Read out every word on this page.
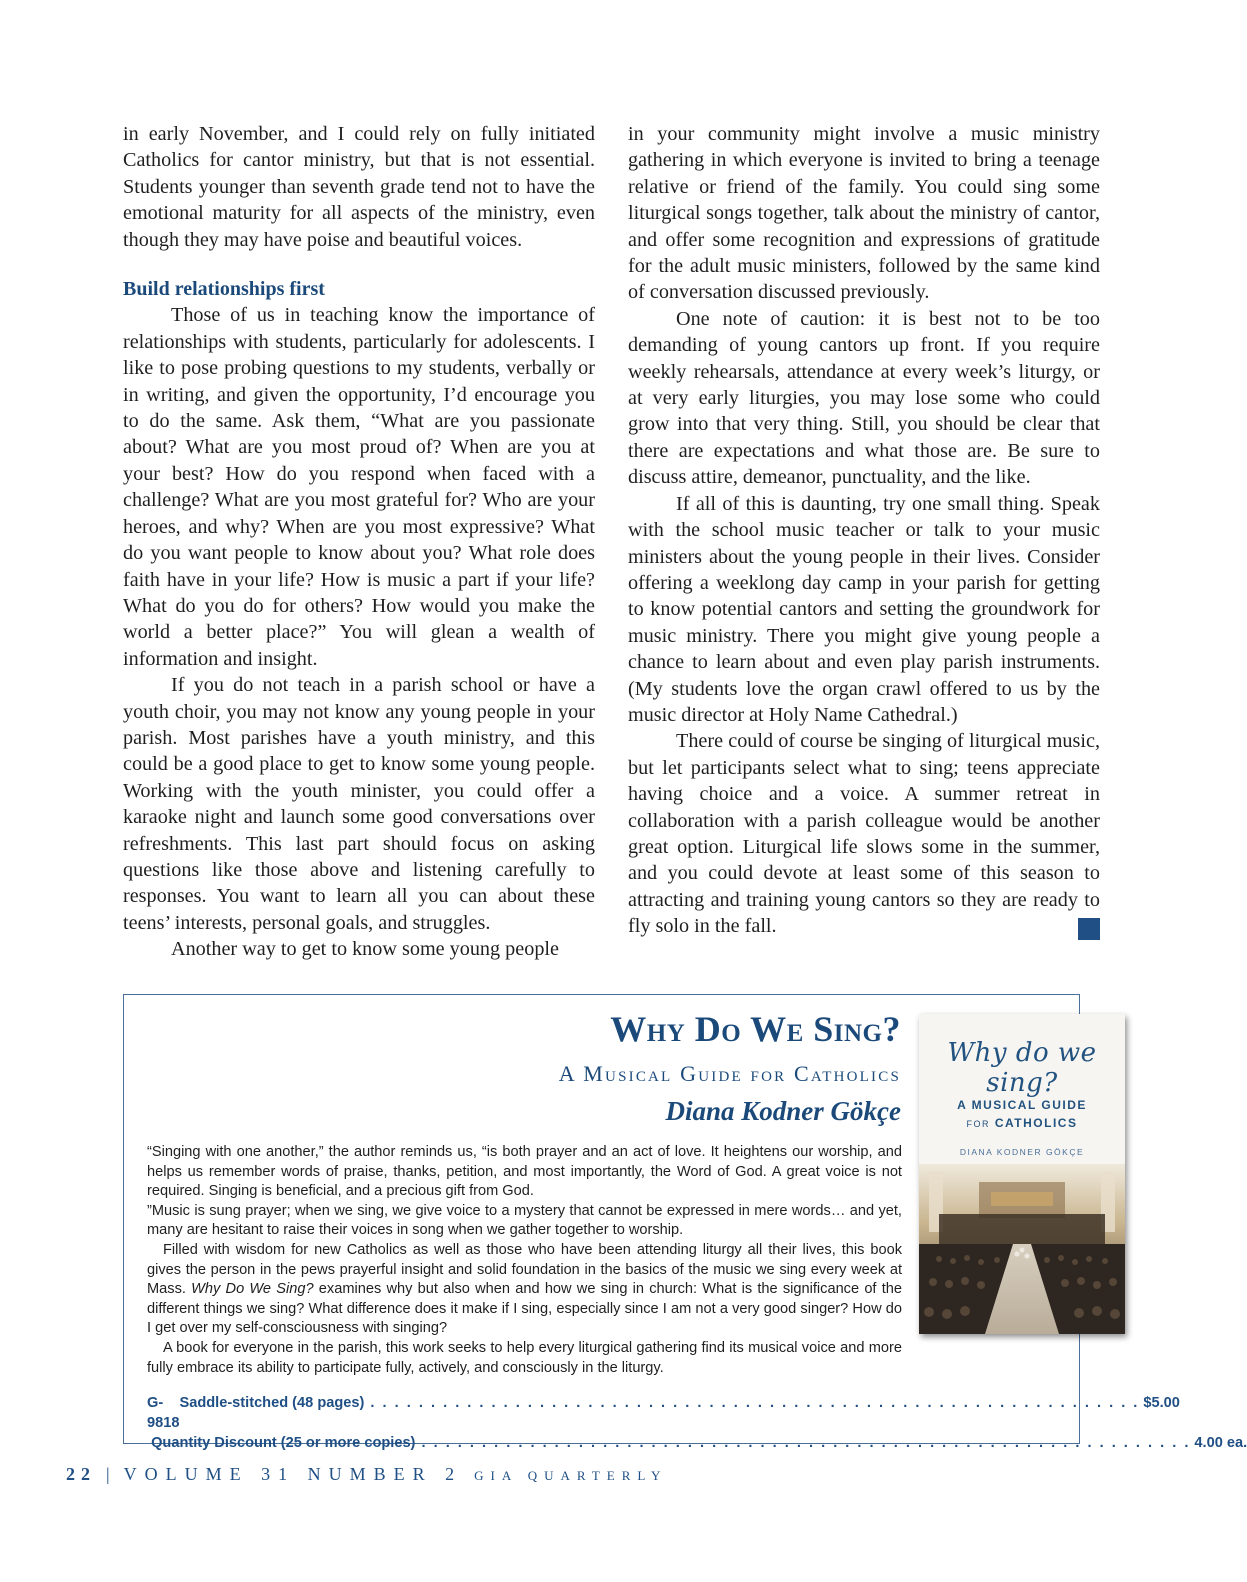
in early November, and I could rely on fully initiated Catholics for cantor ministry, but that is not essential. Students younger than seventh grade tend not to have the emotional maturity for all aspects of the ministry, even though they may have poise and beautiful voices.

Build relationships first

Those of us in teaching know the importance of relationships with students, particularly for adolescents. I like to pose probing questions to my students, verbally or in writing, and given the opportunity, I’d encourage you to do the same. Ask them, “What are you passionate about? What are you most proud of? When are you at your best? How do you respond when faced with a challenge? What are you most grateful for? Who are your heroes, and why? When are you most expressive? What do you want people to know about you? What role does faith have in your life? How is music a part if your life? What do you do for others? How would you make the world a better place?” You will glean a wealth of information and insight.

If you do not teach in a parish school or have a youth choir, you may not know any young people in your parish. Most parishes have a youth ministry, and this could be a good place to get to know some young people. Working with the youth minister, you could offer a karaoke night and launch some good conversations over refreshments. This last part should focus on asking questions like those above and listening carefully to responses. You want to learn all you can about these teens’ interests, personal goals, and struggles.

Another way to get to know some young people

in your community might involve a music ministry gathering in which everyone is invited to bring a teenage relative or friend of the family. You could sing some liturgical songs together, talk about the ministry of cantor, and offer some recognition and expressions of gratitude for the adult music ministers, followed by the same kind of conversation discussed previously.

One note of caution: it is best not to be too demanding of young cantors up front. If you require weekly rehearsals, attendance at every week’s liturgy, or at very early liturgies, you may lose some who could grow into that very thing. Still, you should be clear that there are expectations and what those are. Be sure to discuss attire, demeanor, punctuality, and the like.

If all of this is daunting, try one small thing. Speak with the school music teacher or talk to your music ministers about the young people in their lives. Consider offering a weeklong day camp in your parish for getting to know potential cantors and setting the groundwork for music ministry. There you might give young people a chance to learn about and even play parish instruments. (My students love the organ crawl offered to us by the music director at Holy Name Cathedral.)

There could of course be singing of liturgical music, but let participants select what to sing; teens appreciate having choice and a voice. A summer retreat in collaboration with a parish colleague would be another great option. Liturgical life slows some in the summer, and you could devote at least some of this season to attracting and training young cantors so they are ready to fly solo in the fall.

Why Do We Sing?
A Musical Guide for Catholics
Diana Kodner Gökçe

“Singing with one another,” the author reminds us, “is both prayer and an act of love. It heightens our worship, and helps us remember words of praise, thanks, petition, and most importantly, the Word of God. A great voice is not required. Singing is beneficial, and a precious gift from God.

”Music is sung prayer; when we sing, we give voice to a mystery that cannot be expressed in mere words… and yet, many are hesitant to raise their voices in song when we gather together to worship.

Filled with wisdom for new Catholics as well as those who have been attending liturgy all their lives, this book gives the person in the pews prayerful insight and solid foundation in the basics of the music we sing every week at Mass. Why Do We Sing? examines why but also when and how we sing in church: What is the significance of the different things we sing? What difference does it make if I sing, especially since I am not a very good singer? How do I get over my self-consciousness with singing?

A book for everyone in the parish, this work seeks to help every liturgical gathering find its musical voice and more fully embrace its ability to participate fully, actively, and consciously in the liturgy.

G-9818
Saddle-stitched (48 pages) . . . . . . . . . . . . . . . . . . . . . . . . . . . . . . . . . . . . . . . . . . . . . . . . . . . . . . . . . . . . . . . . $5.00
Quantity Discount (25 or more copies) . . . . . . . . . . . . . . . . . . . . . . . . . . . . . . . . . . . . . . . . . . . . . . . . . . . . . . . . . . . . . . . . 4.00 ea.
Why do we sing?
A MUSICAL GUIDE
FOR CATHOLICS
DIANA KODNER GÖKÇE
22 | VOLUME 31 NUMBER 2 GIA QUARTERLY
